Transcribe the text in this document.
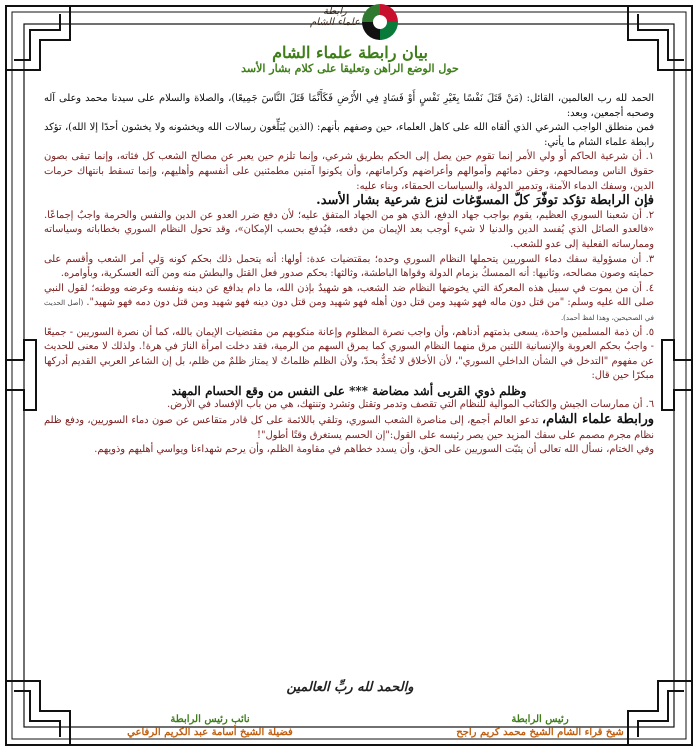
رابطة
علماء الشام
بيان رابطة علماء الشام
حول الوضع الراهن وتعليقا على كلام بشار الأسد

الحمد لله رب العالمين، القائل: (مَنْ قَتَلَ نَفْسًا بِغَيْرِ نَفْسٍ أَوْ فَسَادٍ فِي الأَرْضِ فَكَأَنَّمَا قَتَلَ النَّاسَ جَمِيعًا)، والصلاة والسلام على سيدنا محمد وعلى آله وصحبه أجمعين، وبعد:

فمن منطلق الواجب الشرعي الذي ألقاه الله على كاهل العلماء، حين وصفهم بأنهم: (الذين يُبَلِّغون رسالات الله ويخشونه ولا يخشون أحدًا إلا الله)، تؤكد رابطة علماء الشام ما يأتي:

١. أن شرعية الحاكم أو ولي الأمر إنما تقوم حين يصل إلى الحكم بطريق شرعي، وإنما تلزم حين يعبر عن مصالح الشعب كل فئاته، وإنما تبقى بصون حقوق الناس ومصالحهم، وحقن دمائهم وأموالهم وأعراضهم وكراماتهم، وأن يكونوا آمنين مطمئنين على أنفسهم وأهليهم، وإنما تسقط بانتهاك حرمات الدين، وسفك الدماء الآمنة، وتدمير الدولة، والسياسات الحمقاء، وبناء عليه:

فإن الرابطة تؤكد توفّرَ كلّ المسوّغات لنزع شرعية بشار الأسد.

٢. أن شعبنا السوري العظيم، يقوم بواجب جهاد الدفع، الذي هو من الجهاد المتفق عليه؛ لأن دفع ضرر العدو عن الدين والنفس والحرمة واجبٌ إجماعًا. «فالعدو الصائل الذي يُفسد الدين والدنيا لا شيء أوجب بعد الإيمان من دفعه، فيُدفع بحسب الإمكان»، وقد تحول النظام السوري بخطاباته وسياساته وممارساته الفعلية إلى عدو للشعب.

٣. أن مسؤولية سفك دماء السوريين يتحملها النظام السوري وحده؛ بمقتضيات عدة: أولها: أنه يتحمل ذلك بحكم كونه وَلي أمر الشعب وأقسم على حمايته وصون مصالحه، وثانيها: أنه الممسكُ بزمام الدولة وقواها الباطشة، وثالثها: بحكم صدور فعل القتل والبطش منه ومن آلته العسكرية، وبأوامره.

٤. أن من يموت في سبيل هذه المعركة التي يخوضها النظام ضد الشعب، هو شهيدٌ بإذن الله، ما دام يدافع عن دينه ونفسه وعرضه ووطنه؛ لقول النبي صلى الله عليه وسلم: "من قتل دون ماله فهو شهيد ومن قتل دون أهله فهو شهيد ومن قتل دون دينه فهو شهيد ومن قتل دون دمه فهو شهيد". (أصل الحديث في الصحيحين، وهذا لفظ أحمد).

٥. أن ذمة المسلمين واحدة، يسعى بذمتهم أدناهم، وأن واجب نصرة المظلوم وإعانة منكوبهم من مقتضيات الإيمان بالله، كما أن نصرة السوريين - جميعًا - واجبٌ بحكم العروبة والإنسانية اللتين مرق منهما النظام السوري كما يمرق السهم من الرمية، فقد دخلت امرأة النارَ في هرة!. ولذلك لا معنى للحديث عن مفهوم "التدخل في الشأن الداخلي السوري"، لأن الأخلاق لا تُحَدُّ بحدّ، ولأن الظلم ظلماتٌ لا يمتاز ظلمٌ من ظلم، بل إن الشاعر العربي القديم أدركها مبكرًا حين قال:

وظلم ذوي القربى أشد مضاضة *** على النفس من وقع الحسام المهند

٦. أن ممارسات الجيش والكتائب الموالية للنظام التي تقصف وتدمر وتقتل وتشرد وتنتهك، هي من باب الإفساد في الأرض.

ورابطة علماء الشام، تدعو العالم أجمع، إلى مناصرة الشعب السوري، وتلقي باللائمة على كل قادر متقاعس عن صون دماء السوريين، ودفع ظلم نظام مجرم مصمم على سفك المزيد حين يصر رئيسه على القول:"إن الحسم يستغرق وقتًا أطول"!

وفي الختام، نسأل الله تعالى أن يثبّت السوريين على الحق، وأن يسدد خطاهم في مقاومة الظلم، وأن يرحم شهداءنا ويواسي أهليهم وذويهم.

والحمد لله ربِّ العالمين
رئيس الرابطة
شيخ قراء الشام الشيخ محمد كريم راجح
نائب رئيس الرابطة
فضيلة الشيخ أسامة عبد الكريم الرفاعي
